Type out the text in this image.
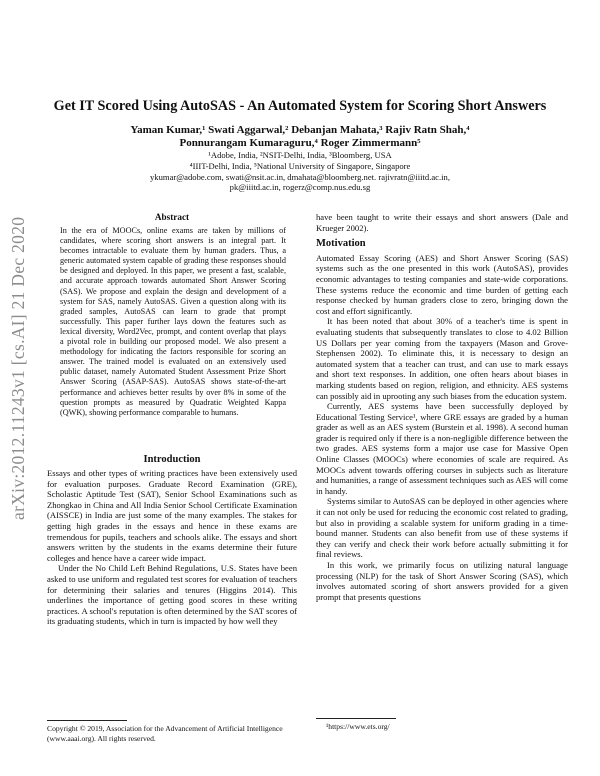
arXiv:2012.11243v1 [cs.AI] 21 Dec 2020
Get IT Scored Using AutoSAS - An Automated System for Scoring Short Answers
Yaman Kumar,¹ Swati Aggarwal,² Debanjan Mahata,³ Rajiv Ratn Shah,⁴
Ponnurangam Kumaraguru,⁴ Roger Zimmermann⁵
¹Adobe, India, ²NSIT-Delhi, India, ³Bloomberg, USA
⁴IIIT-Delhi, India, ⁵National University of Singapore, Singapore
ykumar@adobe.com, swati@nsit.ac.in, dmahata@bloomberg.net. rajivratn@iiitd.ac.in,
pk@iiitd.ac.in, rogerz@comp.nus.edu.sg
Abstract
In the era of MOOCs, online exams are taken by millions of candidates, where scoring short answers is an integral part. It becomes intractable to evaluate them by human graders. Thus, a generic automated system capable of grading these responses should be designed and deployed. In this paper, we present a fast, scalable, and accurate approach towards automated Short Answer Scoring (SAS). We propose and explain the design and development of a system for SAS, namely AutoSAS. Given a question along with its graded samples, AutoSAS can learn to grade that prompt successfully. This paper further lays down the features such as lexical diversity, Word2Vec, prompt, and content overlap that plays a pivotal role in building our proposed model. We also present a methodology for indicating the factors responsible for scoring an answer. The trained model is evaluated on an extensively used public dataset, namely Automated Student Assessment Prize Short Answer Scoring (ASAP-SAS). AutoSAS shows state-of-the-art performance and achieves better results by over 8% in some of the question prompts as measured by Quadratic Weighted Kappa (QWK), showing performance comparable to humans.
Introduction

Essays and other types of writing practices have been extensively used for evaluation purposes. Graduate Record Examination (GRE), Scholastic Aptitude Test (SAT), Senior School Examinations such as Zhongkao in China and All India Senior School Certificate Examination (AISSCE) in India are just some of the many examples. The stakes for getting high grades in the essays and hence in these exams are tremendous for pupils, teachers and schools alike. The essays and short answers written by the students in the exams determine their future colleges and hence have a career wide impact.

Under the No Child Left Behind Regulations, U.S. States have been asked to use uniform and regulated test scores for evaluation of teachers for determining their salaries and tenures (Higgins 2014). This underlines the importance of getting good scores in these writing practices. A school's reputation is often determined by the SAT scores of its graduating students, which in turn is impacted by how well they

Copyright © 2019, Association for the Advancement of Artificial Intelligence (www.aaai.org). All rights reserved.

have been taught to write their essays and short answers (Dale and Krueger 2002).

Motivation

Automated Essay Scoring (AES) and Short Answer Scoring (SAS) systems such as the one presented in this work (AutoSAS), provides economic advantages to testing companies and state-wide corporations. These systems reduce the economic and time burden of getting each response checked by human graders close to zero, bringing down the cost and effort significantly.

It has been noted that about 30% of a teacher's time is spent in evaluating students that subsequently translates to close to 4.02 Billion US Dollars per year coming from the taxpayers (Mason and Grove-Stephensen 2002). To eliminate this, it is necessary to design an automated system that a teacher can trust, and can use to mark essays and short text responses. In addition, one often hears about biases in marking students based on region, religion, and ethnicity. AES systems can possibly aid in uprooting any such biases from the education system.

Currently, AES systems have been successfully deployed by Educational Testing Service¹, where GRE essays are graded by a human grader as well as an AES system (Burstein et al. 1998). A second human grader is required only if there is a non-negligible difference between the two grades. AES systems form a major use case for Massive Open Online Classes (MOOCs) where economies of scale are required. As MOOCs advent towards offering courses in subjects such as literature and humanities, a range of assessment techniques such as AES will come in handy.

Systems similar to AutoSAS can be deployed in other agencies where it can not only be used for reducing the economic cost related to grading, but also in providing a scalable system for uniform grading in a time-bound manner. Students can also benefit from use of these systems if they can verify and check their work before actually submitting it for final reviews.

In this work, we primarily focus on utilizing natural language processing (NLP) for the task of Short Answer Scoring (SAS), which involves automated scoring of short answers provided for a given prompt that presents questions

¹https://www.ets.org/
